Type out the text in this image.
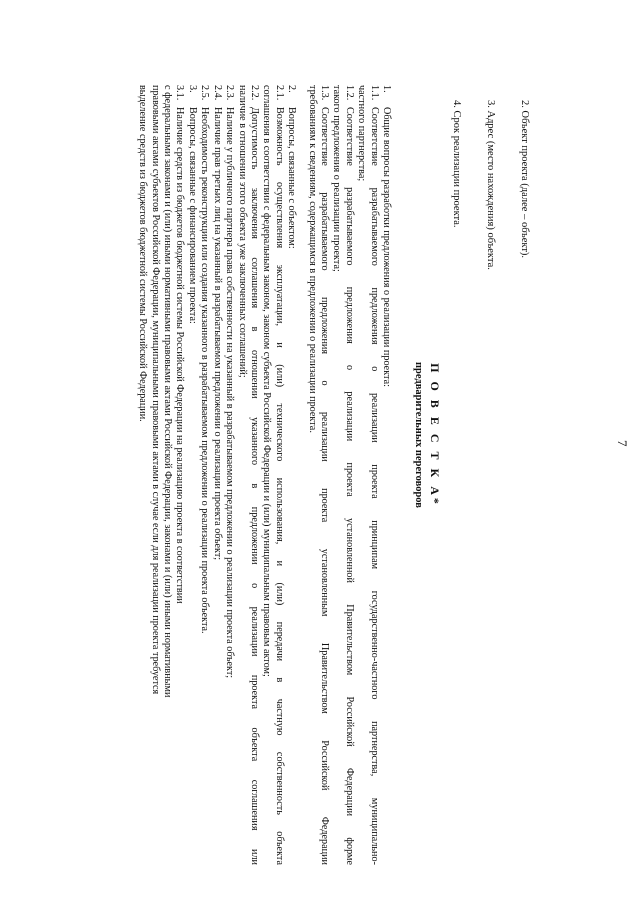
7
2. Объект проекта (далее – объект).
3. Адрес (место нахождения) объекта.
4. Срок реализации проекта.
П О В Е С Т К А*
предварительных переговоров
1.Общие вопросы разработки предложения о реализации проекта:
1.1.Соответствие разрабатываемого предложения о реализации проекта принципам государственно-частного партнерства, муниципально-
частного партнерства;
1.2.Соответствие разрабатываемого предложения о реализации проекта установленной Правительством Российской Федерации форме
такого предложения о реализации проекта;
1.3.Соответствие разрабатываемого предложения о реализации проекта установленным Правительством Российской Федерации
требованиям к сведениям, содержащимся в предложении о реализации проекта.
2.Вопросы, связанные с объектом:
2.1.Возможность осуществления эксплуатации, и (или) технического использования, и (или) передачи в частную собственность объекта
соглашения в соответствии с федеральным законом, законом субъекта Российской Федерации и (или) муниципальным правовым актом;
2.2.Допустимость заключения соглашения в отношении указанного в предложении о реализации проекта объекта соглашения или
наличие в отношении этого объекта уже заключенных соглашений;
2.3.Наличие у публичного партнера права собственности на указанный в разрабатываемом предложении о реализации проекта объект;
2.4.Наличие прав третьих лиц на указанный в разрабатываемом предложении о реализации проекта объект;
2.5.Необходимость реконструкции или создания указанного в разрабатываемом предложении о реализации проекта объекта.
3.Вопросы, связанные с финансированием проекта:
3.1.Наличие средств из бюджетов бюджетной системы Российской Федерации на реализацию проекта в соответствии
с федеральными законами и (или) иными нормативными правовыми актами Российской Федерации, законами и (или) иными нормативными
правовыми актами субъектов Российской Федерации, муниципальными правовыми актами в случае если для реализации проекта требуется
выделение средств из бюджетов бюджетной системы Российской Федерации.
